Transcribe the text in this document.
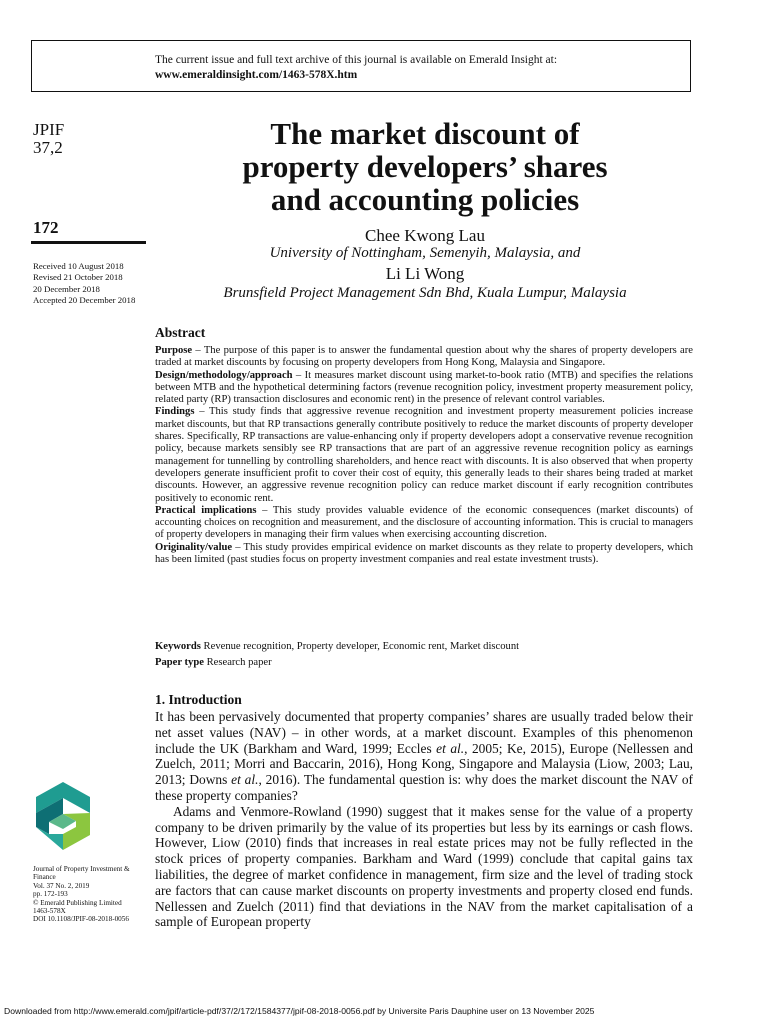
The current issue and full text archive of this journal is available on Emerald Insight at:
www.emeraldinsight.com/1463-578X.htm
JPIF
37,2
172
Received 10 August 2018
Revised 21 October 2018
20 December 2018
Accepted 20 December 2018
The market discount of
property developers’ shares
and accounting policies
Chee Kwong Lau
University of Nottingham, Semenyih, Malaysia, and
Li Li Wong
Brunsfield Project Management Sdn Bhd, Kuala Lumpur, Malaysia
Abstract

Purpose – The purpose of this paper is to answer the fundamental question about why the shares of property developers are traded at market discounts by focusing on property developers from Hong Kong, Malaysia and Singapore.

Design/methodology/approach – It measures market discount using market-to-book ratio (MTB) and specifies the relations between MTB and the hypothetical determining factors (revenue recognition policy, investment property measurement policy, related party (RP) transaction disclosures and economic rent) in the presence of relevant control variables.

Findings – This study finds that aggressive revenue recognition and investment property measurement policies increase market discounts, but that RP transactions generally contribute positively to reduce the market discounts of property developer shares. Specifically, RP transactions are value-enhancing only if property developers adopt a conservative revenue recognition policy, because markets sensibly see RP transactions that are part of an aggressive revenue recognition policy as earnings management for tunnelling by controlling shareholders, and hence react with discounts. It is also observed that when property developers generate insufficient profit to cover their cost of equity, this generally leads to their shares being traded at market discounts. However, an aggressive revenue recognition policy can reduce market discount if early recognition contributes positively to economic rent.

Practical implications – This study provides valuable evidence of the economic consequences (market discounts) of accounting choices on recognition and measurement, and the disclosure of accounting information. This is crucial to managers of property developers in managing their firm values when exercising accounting discretion.

Originality/value – This study provides empirical evidence on market discounts as they relate to property developers, which has been limited (past studies focus on property investment companies and real estate investment trusts).

Keywords Revenue recognition, Property developer, Economic rent, Market discount
Paper type Research paper
1. Introduction

It has been pervasively documented that property companies’ shares are usually traded below their net asset values (NAV) – in other words, at a market discount. Examples of this phenomenon include the UK (Barkham and Ward, 1999; Eccles et al., 2005; Ke, 2015), Europe (Nellessen and Zuelch, 2011; Morri and Baccarin, 2016), Hong Kong, Singapore and Malaysia (Liow, 2003; Lau, 2013; Downs et al., 2016). The fundamental question is: why does the market discount the NAV of these property companies?

Adams and Venmore-Rowland (1990) suggest that it makes sense for the value of a property company to be driven primarily by the value of its properties but less by its earnings or cash flows. However, Liow (2010) finds that increases in real estate prices may not be fully reflected in the stock prices of property companies. Barkham and Ward (1999) conclude that capital gains tax liabilities, the degree of market confidence in management, firm size and the level of trading stock are factors that can cause market discounts on property investments and property closed end funds. Nellessen and Zuelch (2011) find that deviations in the NAV from the market capitalisation of a sample of European property

Journal of Property Investment &
Finance
Vol. 37 No. 2, 2019
pp. 172-193
© Emerald Publishing Limited
1463-578X
DOI 10.1108/JPIF-08-2018-0056
Downloaded from http://www.emerald.com/jpif/article-pdf/37/2/172/1584377/jpif-08-2018-0056.pdf by Universite Paris Dauphine user on 13 November 2025
